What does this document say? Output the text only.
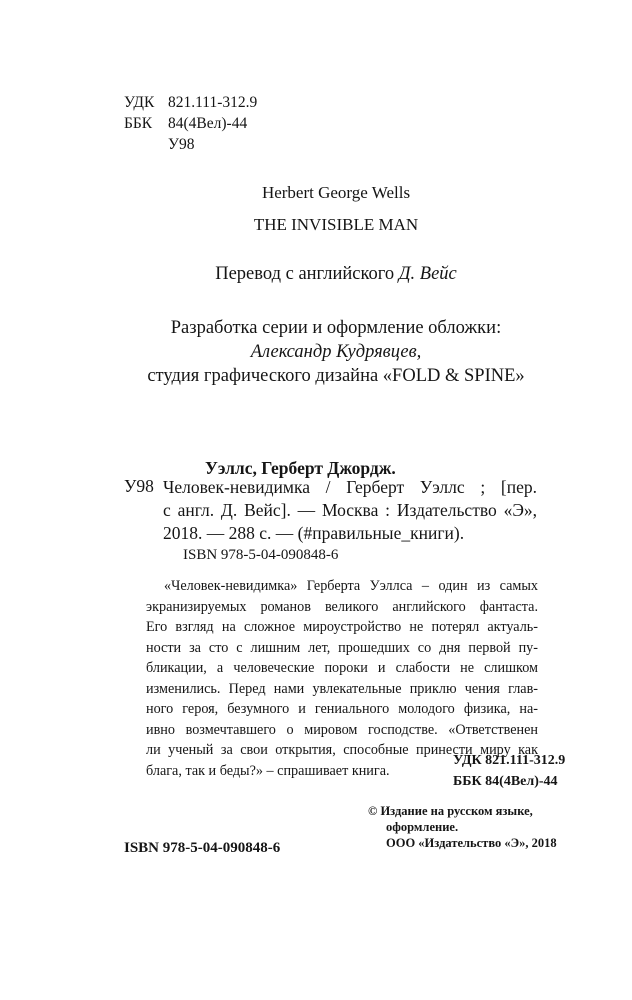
УДК 821.111-312.9
ББК	84(4Вел)-44
У98
Herbert George Wells
THE INVISIBLE MAN
Перевод с английского Д. Вейс
Разработка серии и оформление обложки:
Александр Кудрявцев,
студия графического дизайна «FOLD & SPINE»
Уэллс, Герберт Джордж.
У98 Человек-невидимка / Герберт Уэллс ; [пер.
с англ. Д. Вейс]. — Москва : Издательство «Э»,
2018. — 288 с. — (#правильные_книги).
ISBN 978-5-04-090848-6
«Человек-невидимка» Герберта Уэллса – один из самых
экранизируемых романов великого английского фантаста.
Его взгляд на сложное мироустройство не потерял актуаль-
ности за сто с лишним лет, прошедших со дня первой пу-
бликации, а человеческие пороки и слабости не слишком
изменились. Перед нами увлекательные приклю чения глав-
ного героя, безумного и гениального молодого физика, на-
ивно возмечтавшего о мировом господстве. «Ответственен
ли ученый за свои открытия, способные принести миру как
блага, так и беды?» – спрашивает книга.
УДК 821.111-312.9
ББК 84(4Вел)-44
© Издание на русском языке,
оформление.
ООО «Издательство «Э», 2018
ISBN 978-5-04-090848-6
